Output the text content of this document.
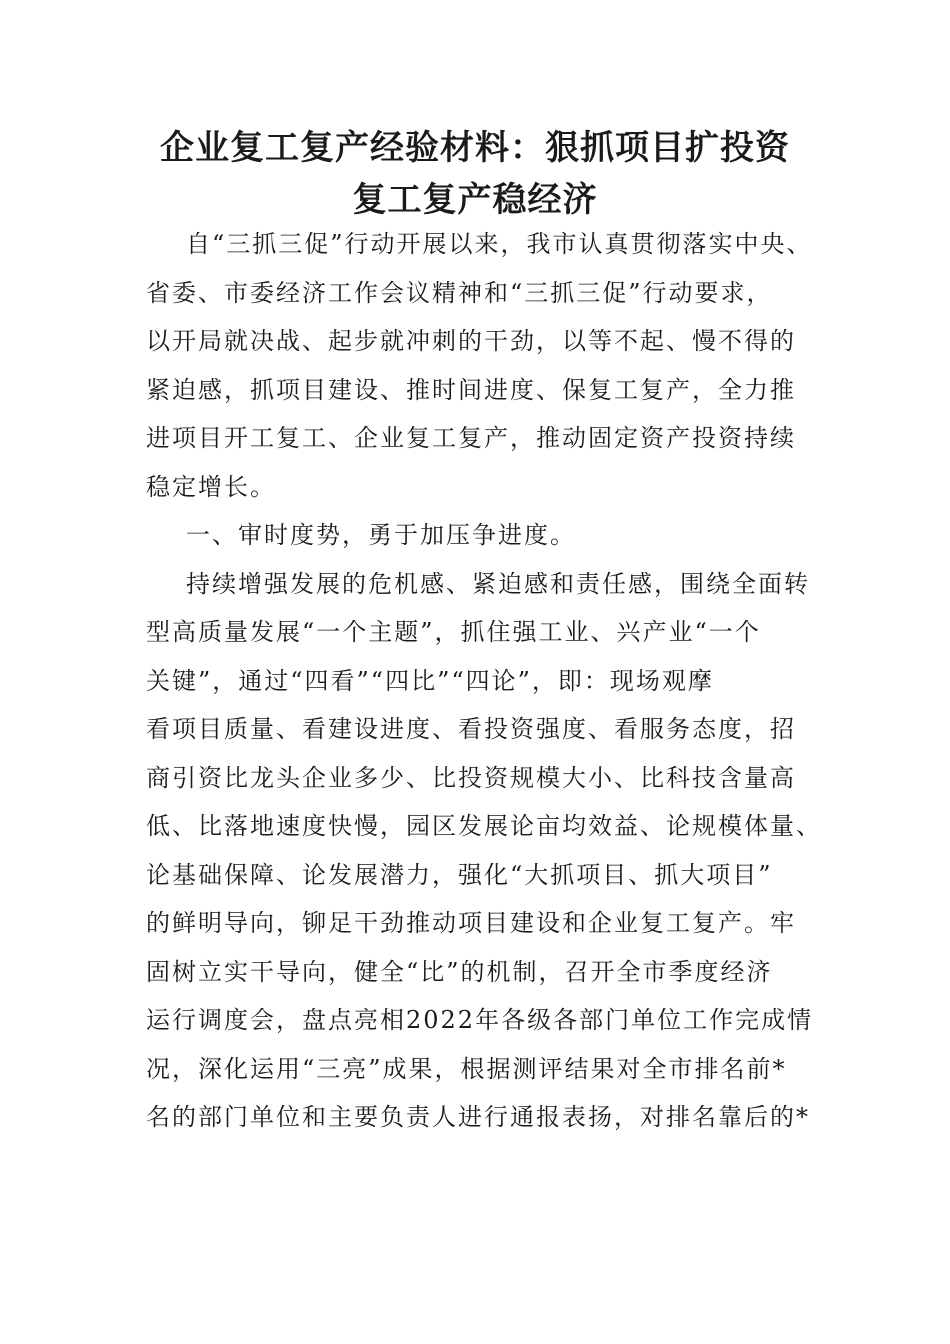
企业复工复产经验材料：狠抓项目扩投资
复工复产稳经济
自“三抓三促”行动开展以来，我市认真贯彻落实中央、
省委、市委经济工作会议精神和“三抓三促”行动要求，
以开局就决战、起步就冲刺的干劲，以等不起、慢不得的
紧迫感，抓项目建设、推时间进度、保复工复产，全力推
进项目开工复工、企业复工复产，推动固定资产投资持续
稳定增长。
一、审时度势，勇于加压争进度。
持续增强发展的危机感、紧迫感和责任感，围绕全面转
型高质量发展“一个主题”，抓住强工业、兴产业“一个
关键”，通过“四看”“四比”“四论”，即：现场观摩
看项目质量、看建设进度、看投资强度、看服务态度，招
商引资比龙头企业多少、比投资规模大小、比科技含量高
低、比落地速度快慢，园区发展论亩均效益、论规模体量、
论基础保障、论发展潜力，强化“大抓项目、抓大项目”
的鲜明导向，铆足干劲推动项目建设和企业复工复产。牢
固树立实干导向，健全“比”的机制，召开全市季度经济
运行调度会，盘点亮相2022年各级各部门单位工作完成情
况，深化运用“三亮”成果，根据测评结果对全市排名前*
名的部门单位和主要负责人进行通报表扬，对排名靠后的*
